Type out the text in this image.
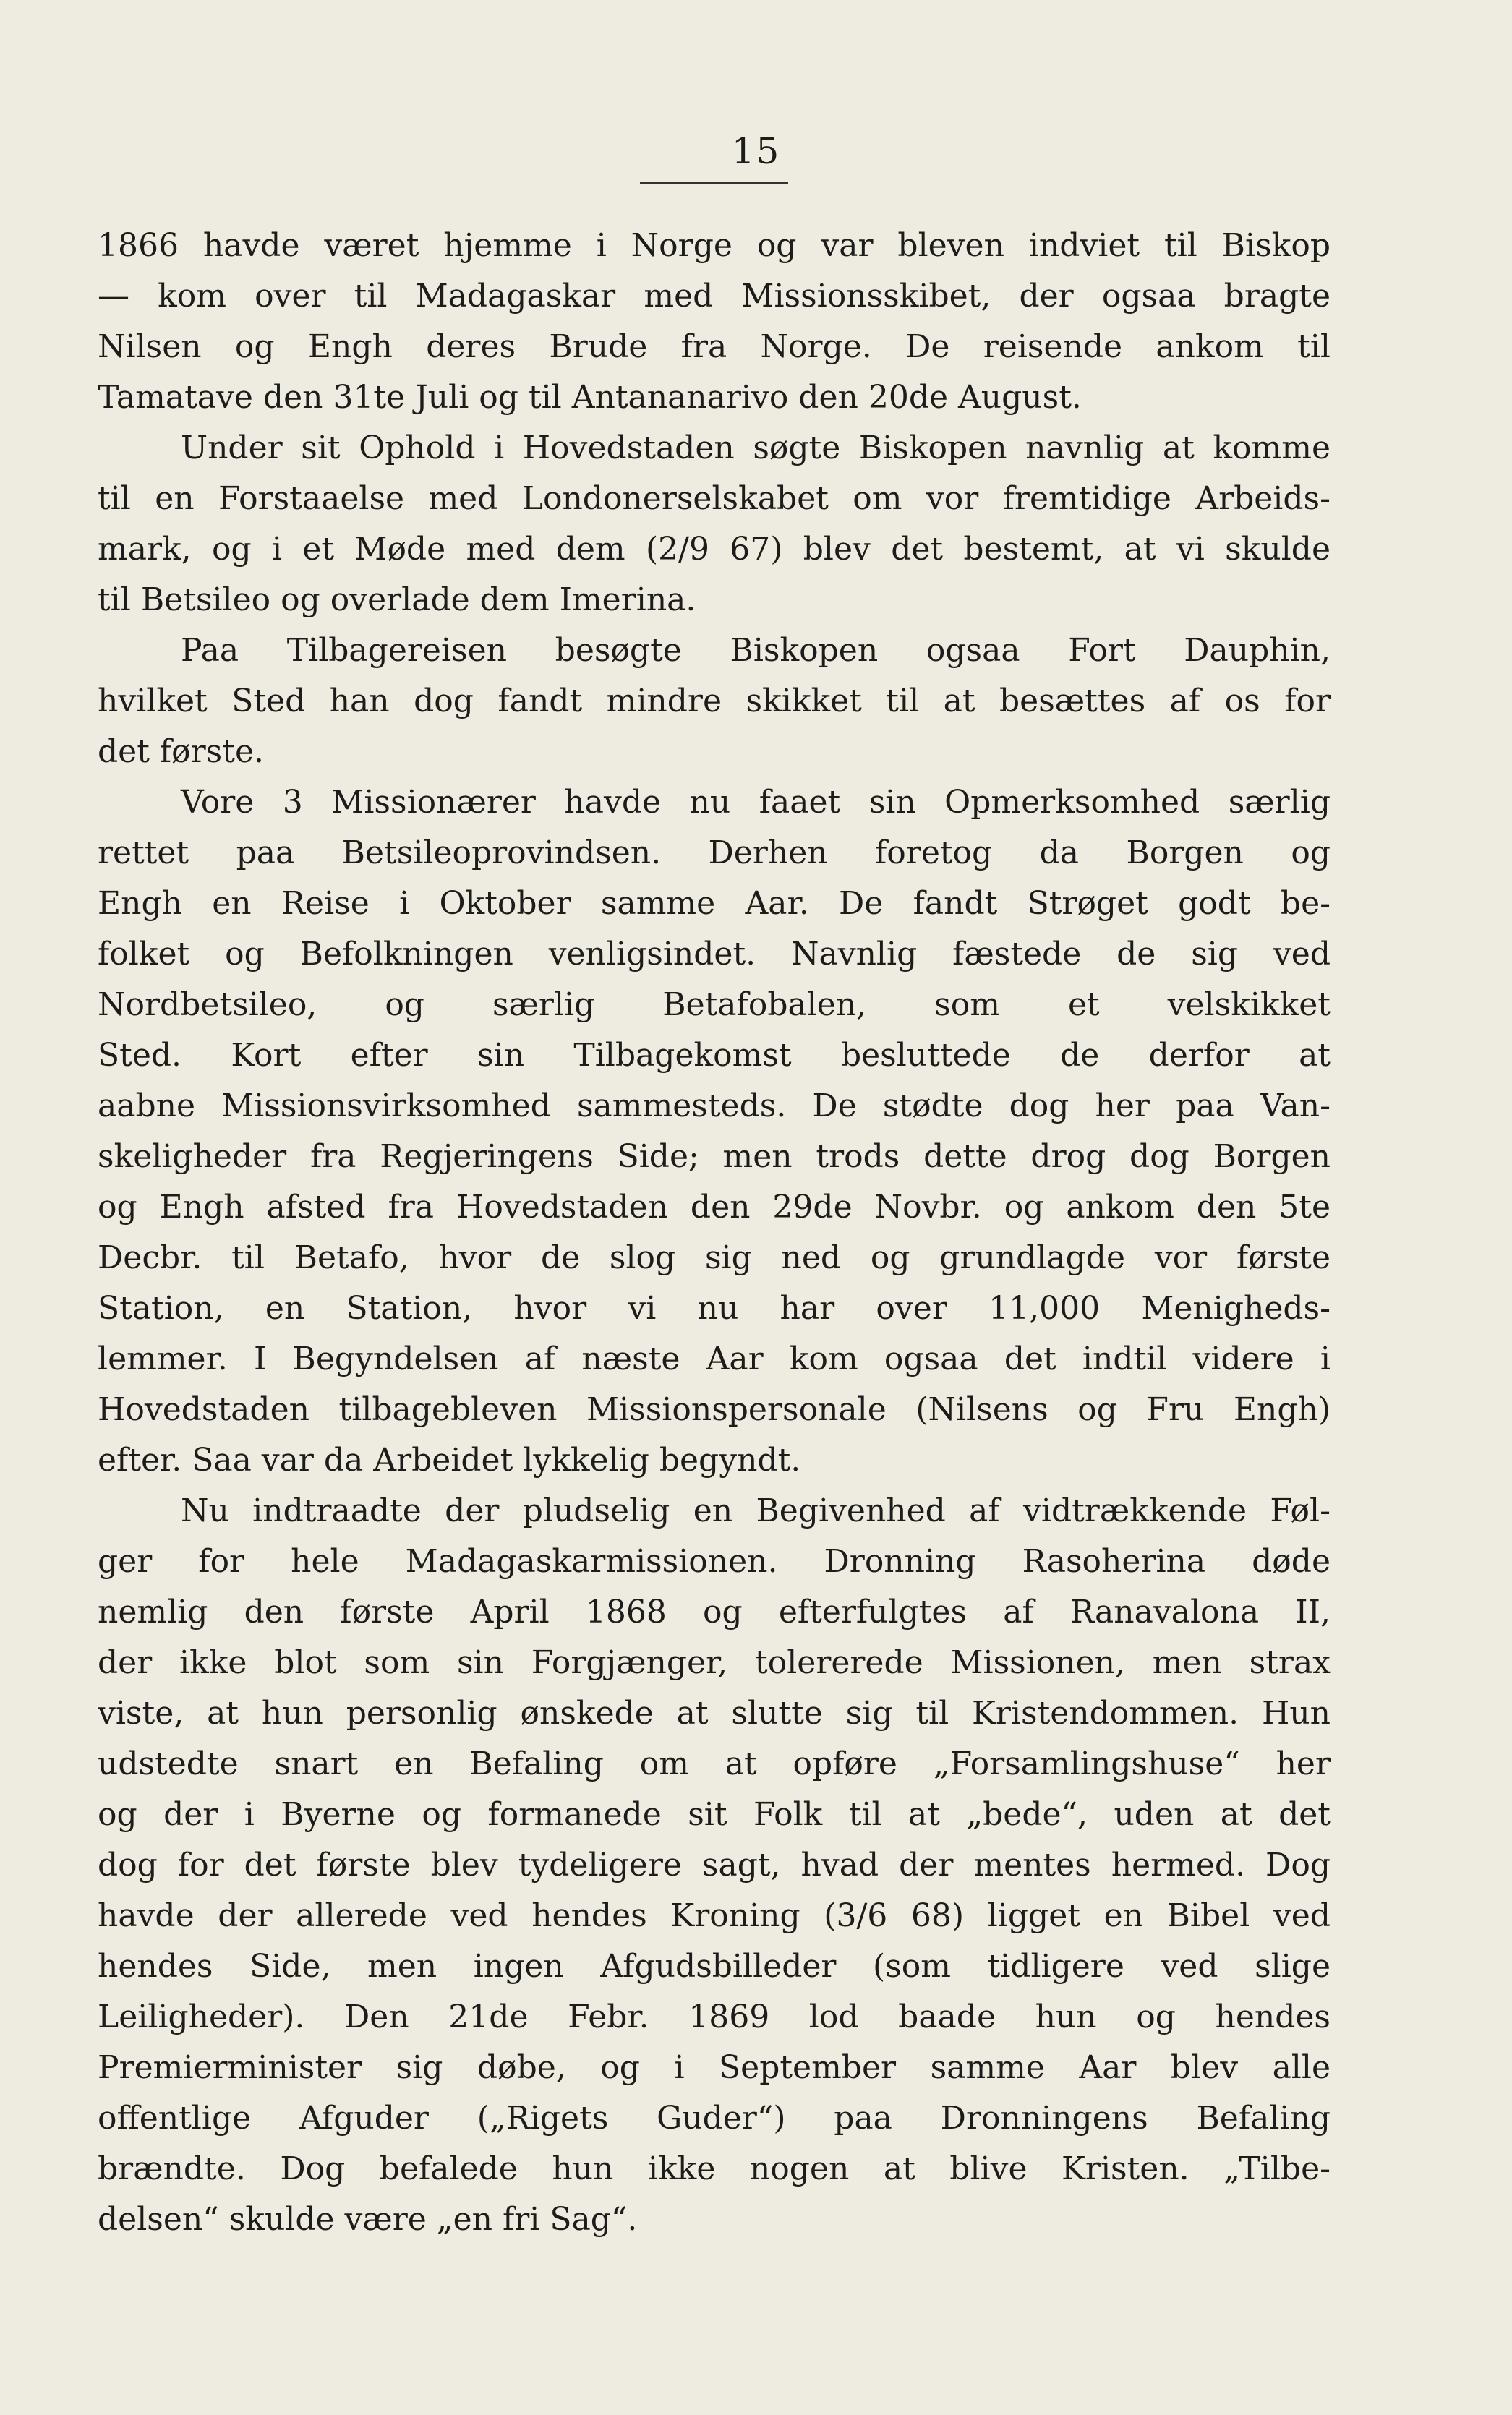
15
1866 havde været hjemme i Norge og var bleven indviet til Biskop
— kom over til Madagaskar med Missionsskibet, der ogsaa bragte
Nilsen og Engh deres Brude fra Norge. De reisende ankom til
Tamatave den 31te Juli og til Antananarivo den 20de August.
Under sit Ophold i Hovedstaden søgte Biskopen navnlig at komme
til en Forstaaelse med Londonerselskabet om vor fremtidige Arbeids-
mark, og i et Møde med dem (2/9 67) blev det bestemt, at vi skulde
til Betsileo og overlade dem Imerina.
Paa Tilbagereisen besøgte Biskopen ogsaa Fort Dauphin,
hvilket Sted han dog fandt mindre skikket til at besættes af os for
det første.
Vore 3 Missionærer havde nu faaet sin Opmerksomhed særlig
rettet paa Betsileoprovindsen. Derhen foretog da Borgen og
Engh en Reise i Oktober samme Aar. De fandt Strøget godt be-
folket og Befolkningen venligsindet. Navnlig fæstede de sig ved
Nordbetsileo, og særlig Betafobalen, som et velskikket
Sted. Kort efter sin Tilbagekomst besluttede de derfor at
aabne Missionsvirksomhed sammesteds. De stødte dog her paa Van-
skeligheder fra Regjeringens Side; men trods dette drog dog Borgen
og Engh afsted fra Hovedstaden den 29de Novbr. og ankom den 5te
Decbr. til Betafo, hvor de slog sig ned og grundlagde vor første
Station, en Station, hvor vi nu har over 11,000 Menigheds-
lemmer. I Begyndelsen af næste Aar kom ogsaa det indtil videre i
Hovedstaden tilbagebleven Missionspersonale (Nilsens og Fru Engh)
efter. Saa var da Arbeidet lykkelig begyndt.
Nu indtraadte der pludselig en Begivenhed af vidtrækkende Føl-
ger for hele Madagaskarmissionen. Dronning Rasoherina døde
nemlig den første April 1868 og efterfulgtes af Ranavalona II,
der ikke blot som sin Forgjænger, tolererede Missionen, men strax
viste, at hun personlig ønskede at slutte sig til Kristendommen. Hun
udstedte snart en Befaling om at opføre „Forsamlingshuse“ her
og der i Byerne og formanede sit Folk til at „bede“, uden at det
dog for det første blev tydeligere sagt, hvad der mentes hermed. Dog
havde der allerede ved hendes Kroning (3/6 68) ligget en Bibel ved
hendes Side, men ingen Afgudsbilleder (som tidligere ved slige
Leiligheder). Den 21de Febr. 1869 lod baade hun og hendes
Premierminister sig døbe, og i September samme Aar blev alle
offentlige Afguder („Rigets Guder“) paa Dronningens Befaling
brændte. Dog befalede hun ikke nogen at blive Kristen. „Tilbe-
delsen“ skulde være „en fri Sag“.
